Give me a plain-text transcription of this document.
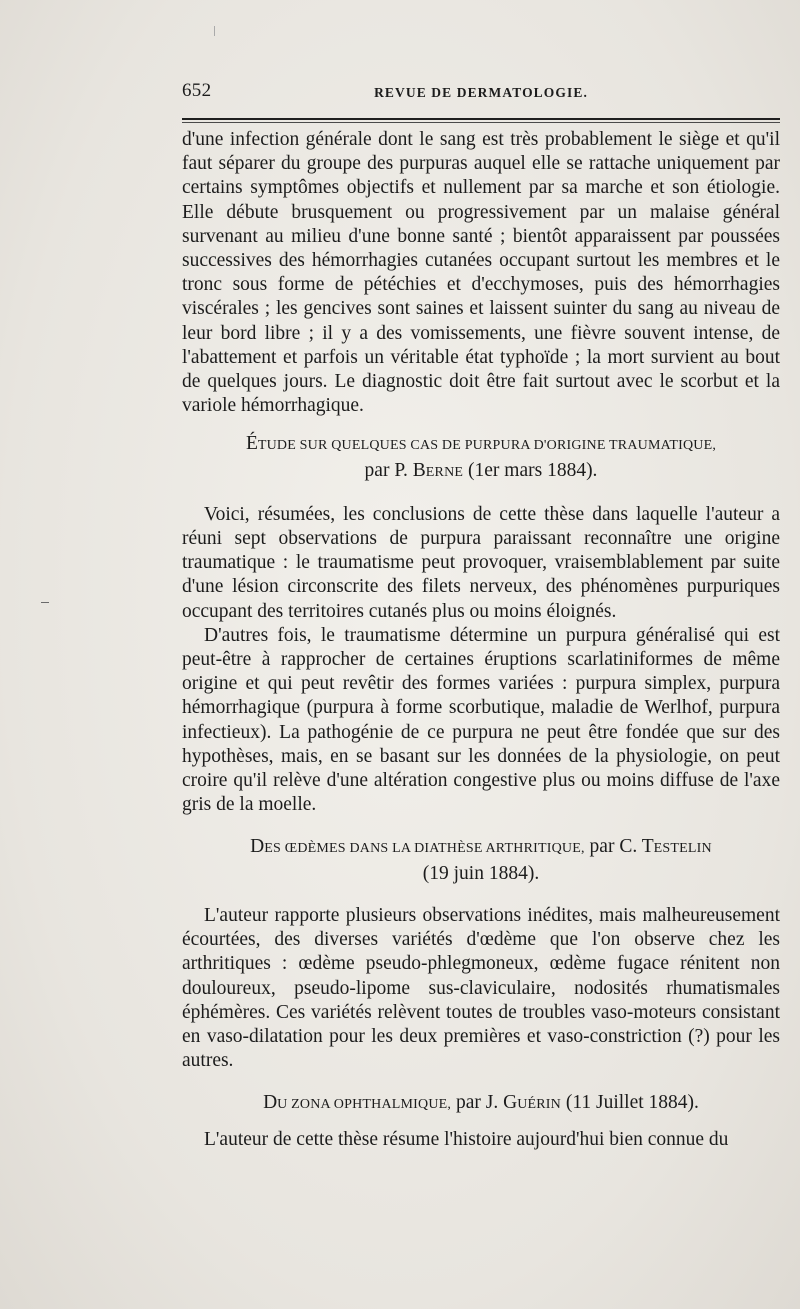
652	REVUE DE DERMATOLOGIE.

d'une infection générale dont le sang est très probablement le siège et qu'il faut séparer du groupe des purpuras auquel elle se rattache uniquement par certains symptômes objectifs et nullement par sa marche et son étiologie. Elle débute brusquement ou progressivement par un malaise général survenant au milieu d'une bonne santé ; bientôt apparaissent par poussées successives des hémorrhagies cutanées occupant surtout les membres et le tronc sous forme de pétéchies et d'ecchymoses, puis des hémorrhagies viscérales ; les gencives sont saines et laissent suinter du sang au niveau de leur bord libre ; il y a des vomissements, une fièvre souvent intense, de l'abattement et parfois un véritable état typhoïde ; la mort survient au bout de quelques jours. Le diagnostic doit être fait surtout avec le scorbut et la variole hémorrhagique.

ÉTUDE SUR QUELQUES CAS DE PURPURA D'ORIGINE TRAUMATIQUE,

par P. BERNE (1er mars 1884).

Voici, résumées, les conclusions de cette thèse dans laquelle l'auteur a réuni sept observations de purpura paraissant reconnaître une origine traumatique : le traumatisme peut provoquer, vraisemblablement par suite d'une lésion circonscrite des filets nerveux, des phénomènes purpuriques occupant des territoires cutanés plus ou moins éloignés.

D'autres fois, le traumatisme détermine un purpura généralisé qui est peut-être à rapprocher de certaines éruptions scarlatiniformes de même origine et qui peut revêtir des formes variées : purpura simplex, purpura hémorrhagique (purpura à forme scorbutique, maladie de Werlhof, purpura infectieux). La pathogénie de ce purpura ne peut être fondée que sur des hypothèses, mais, en se basant sur les données de la physiologie, on peut croire qu'il relève d'une altération congestive plus ou moins diffuse de l'axe gris de la moelle.

DES ŒDÈMES DANS LA DIATHÈSE ARTHRITIQUE, par C. TESTELIN

(19 juin 1884).

L'auteur rapporte plusieurs observations inédites, mais malheureusement écourtées, des diverses variétés d'œdème que l'on observe chez les arthritiques : œdème pseudo-phlegmoneux, œdème fugace rénitent non douloureux, pseudo-lipome sus-claviculaire, nodosités rhumatismales éphémères. Ces variétés relèvent toutes de troubles vaso-moteurs consistant en vaso-dilatation pour les deux premières et vaso-constriction (?) pour les autres.

DU ZONA OPHTHALMIQUE, par J. GUÉRIN (11 Juillet 1884).

L'auteur de cette thèse résume l'histoire aujourd'hui bien connue du
